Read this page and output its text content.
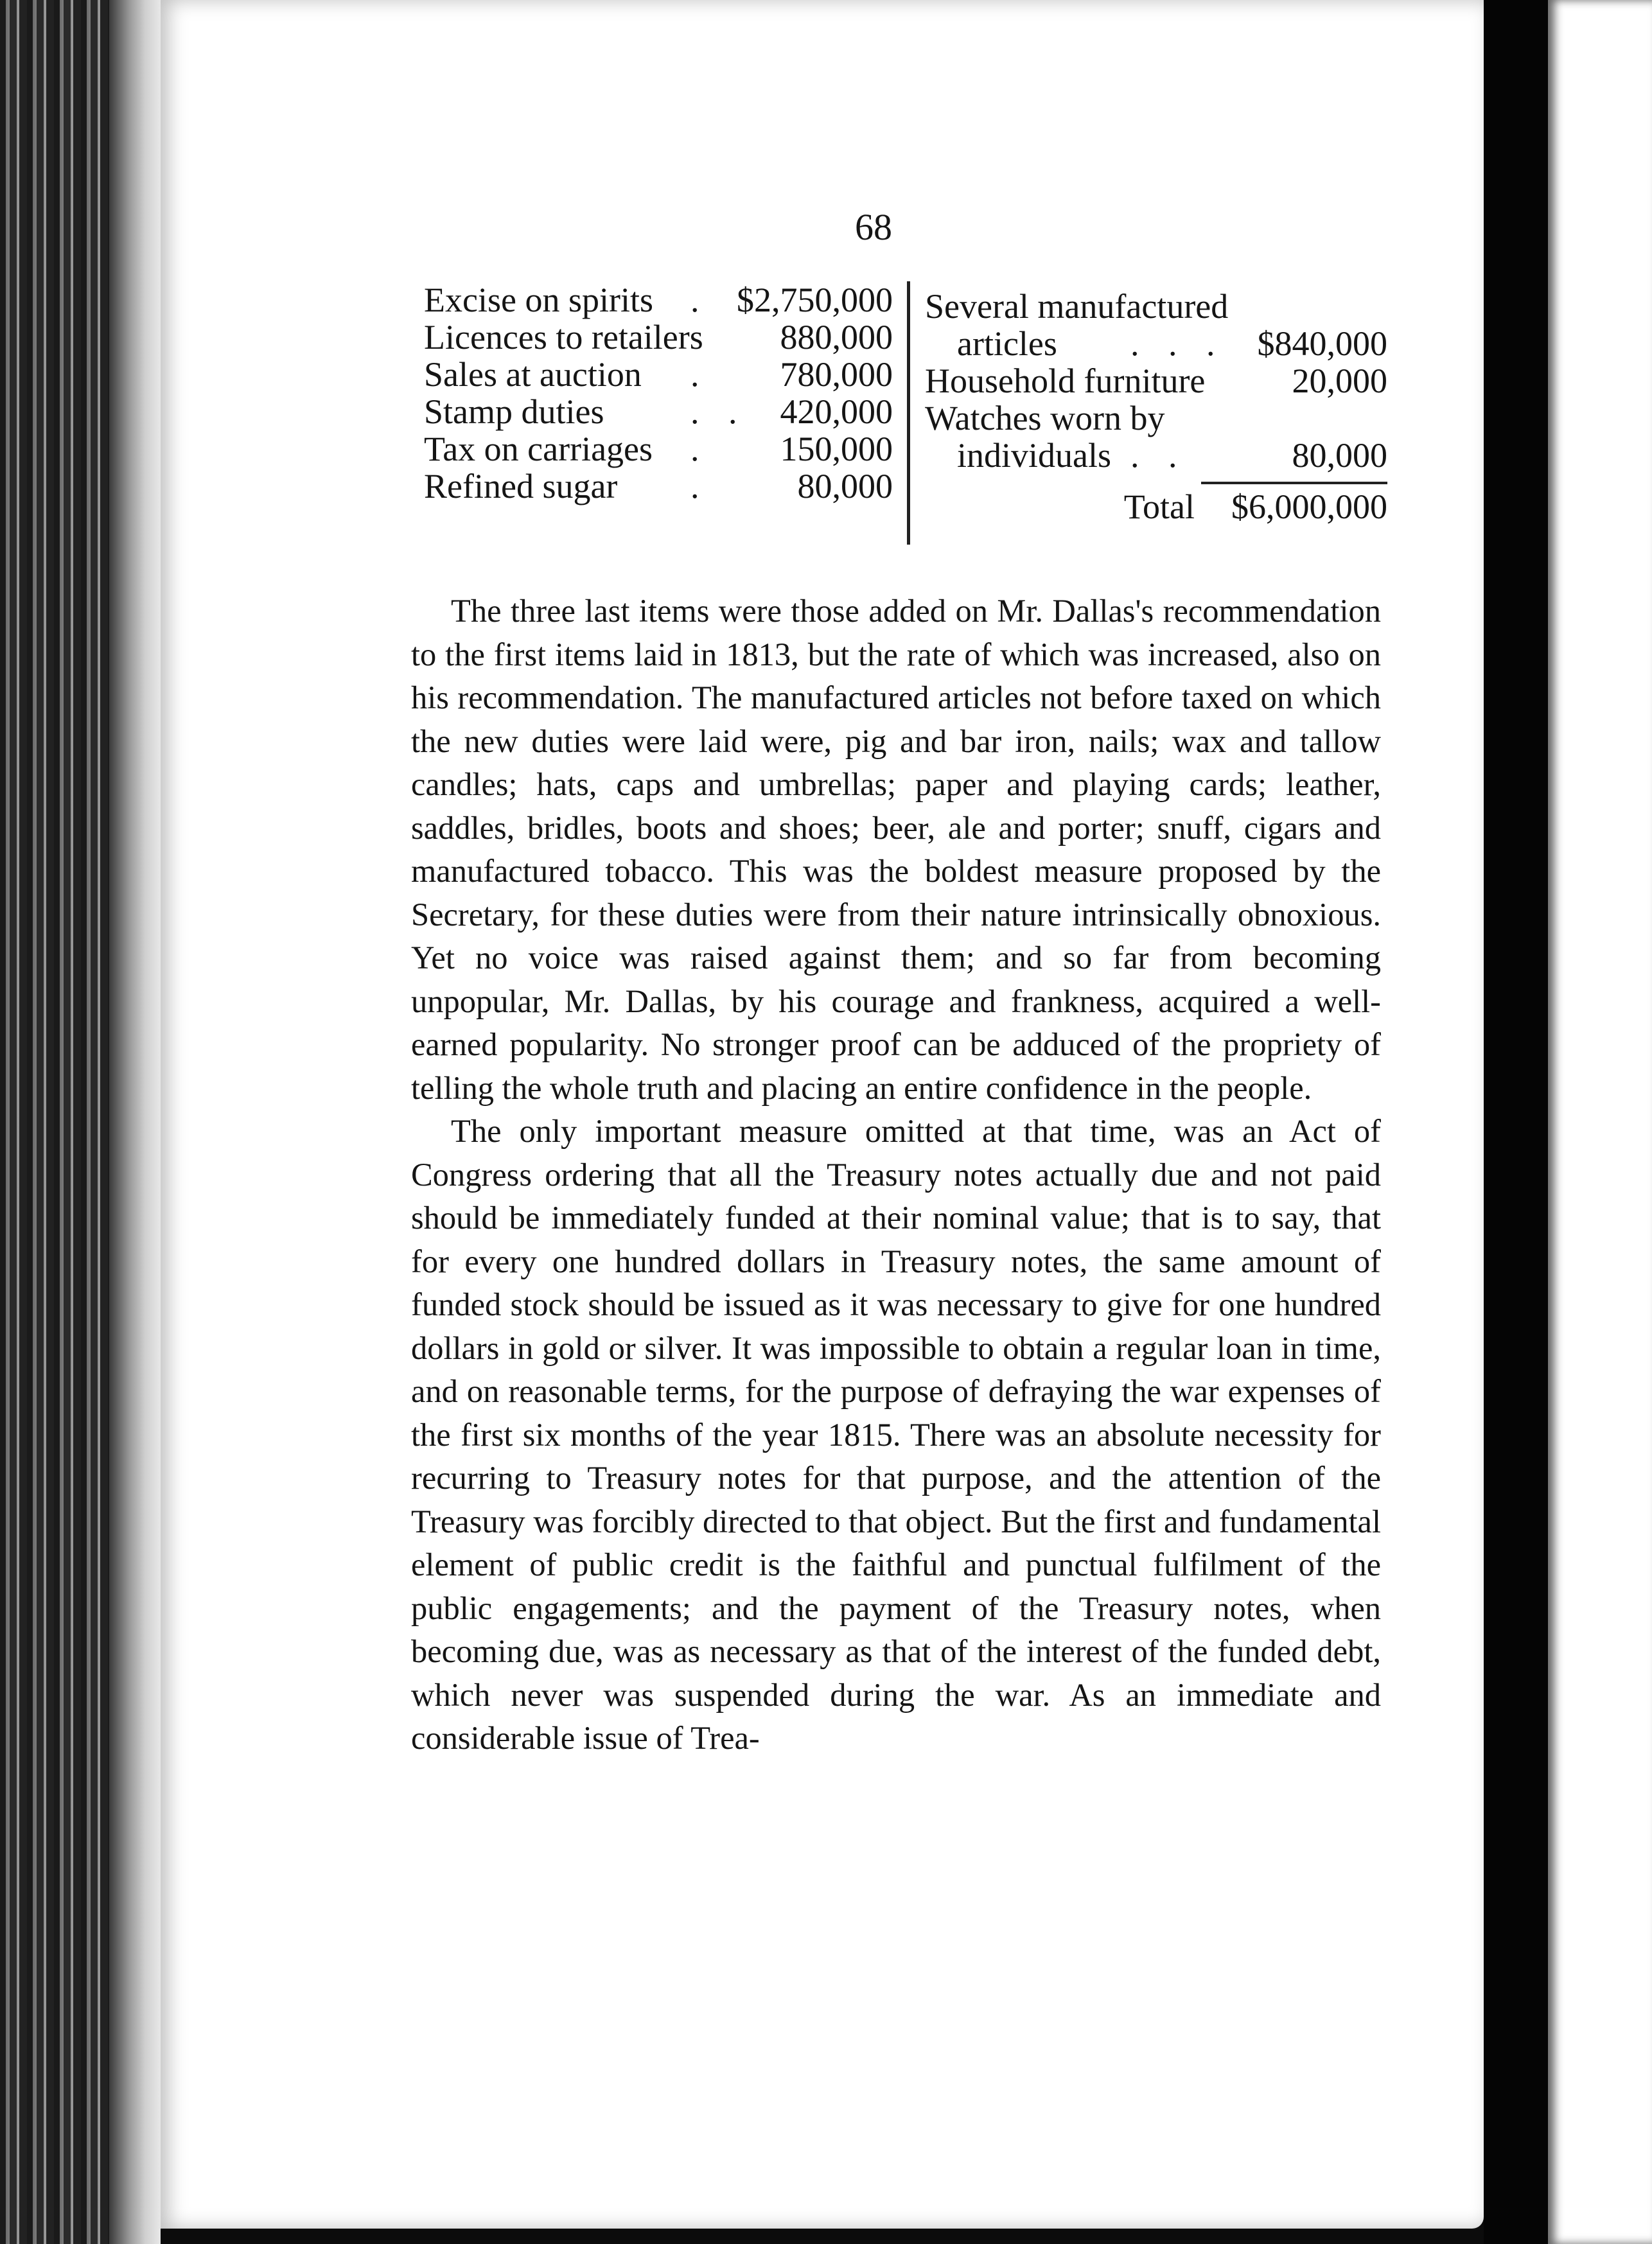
68
Excise on spirits . $2,750,000
Licences to retailers 880,000
Sales at auction . 780,000
Stamp duties . . 420,000
Tax on carriages . 150,000
Refined sugar .	80,000
Several manufactured
articles . . . $840,000
Household furniture	20,000
Watches worn by
individuals . .	80,000
Total $6,000,000

The three last items were those added on Mr. Dallas's recommendation to the first items laid in 1813, but the rate of which was increased, also on his recommendation. The manufactured articles not before taxed on which the new duties were laid were, pig and bar iron, nails; wax and tallow candles; hats, caps and umbrellas; paper and playing cards; leather, saddles, bridles, boots and shoes; beer, ale and porter; snuff, cigars and manufactured tobacco. This was the boldest measure proposed by the Secretary, for these duties were from their nature intrinsically obnoxious. Yet no voice was raised against them; and so far from becoming unpopular, Mr. Dallas, by his courage and frankness, acquired a well-earned popularity. No stronger proof can be adduced of the propriety of telling the whole truth and placing an entire confidence in the people.

The only important measure omitted at that time, was an Act of Congress ordering that all the Treasury notes actually due and not paid should be immediately funded at their nominal value; that is to say, that for every one hundred dollars in Treasury notes, the same amount of funded stock should be issued as it was necessary to give for one hundred dollars in gold or silver. It was impossible to obtain a regular loan in time, and on reasonable terms, for the purpose of defraying the war expenses of the first six months of the year 1815. There was an absolute necessity for recurring to Treasury notes for that purpose, and the attention of the Treasury was forcibly directed to that object. But the first and fundamental element of public credit is the faithful and punctual fulfilment of the public engagements; and the payment of the Treasury notes, when becoming due, was as necessary as that of the interest of the funded debt, which never was suspended during the war. As an immediate and considerable issue of Trea-
